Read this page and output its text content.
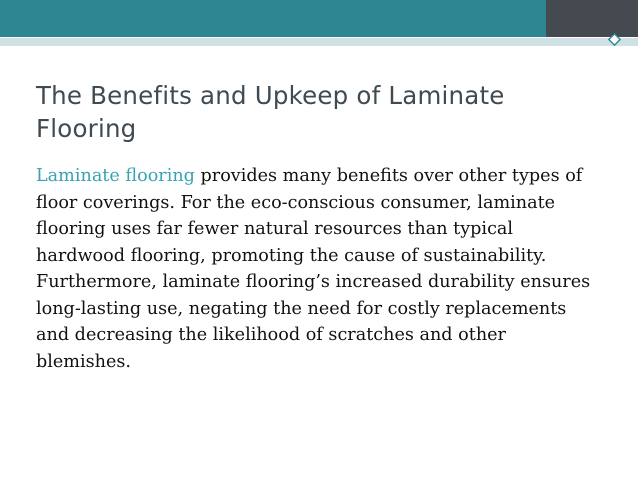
The Benefits and Upkeep of Laminate Flooring

Laminate flooring provides many benefits over other types of floor coverings. For the eco-conscious consumer, laminate flooring uses far fewer natural resources than typical hardwood flooring, promoting the cause of sustainability. Furthermore, laminate flooring’s increased durability ensures long-lasting use, negating the need for costly replacements and decreasing the likelihood of scratches and other blemishes.
